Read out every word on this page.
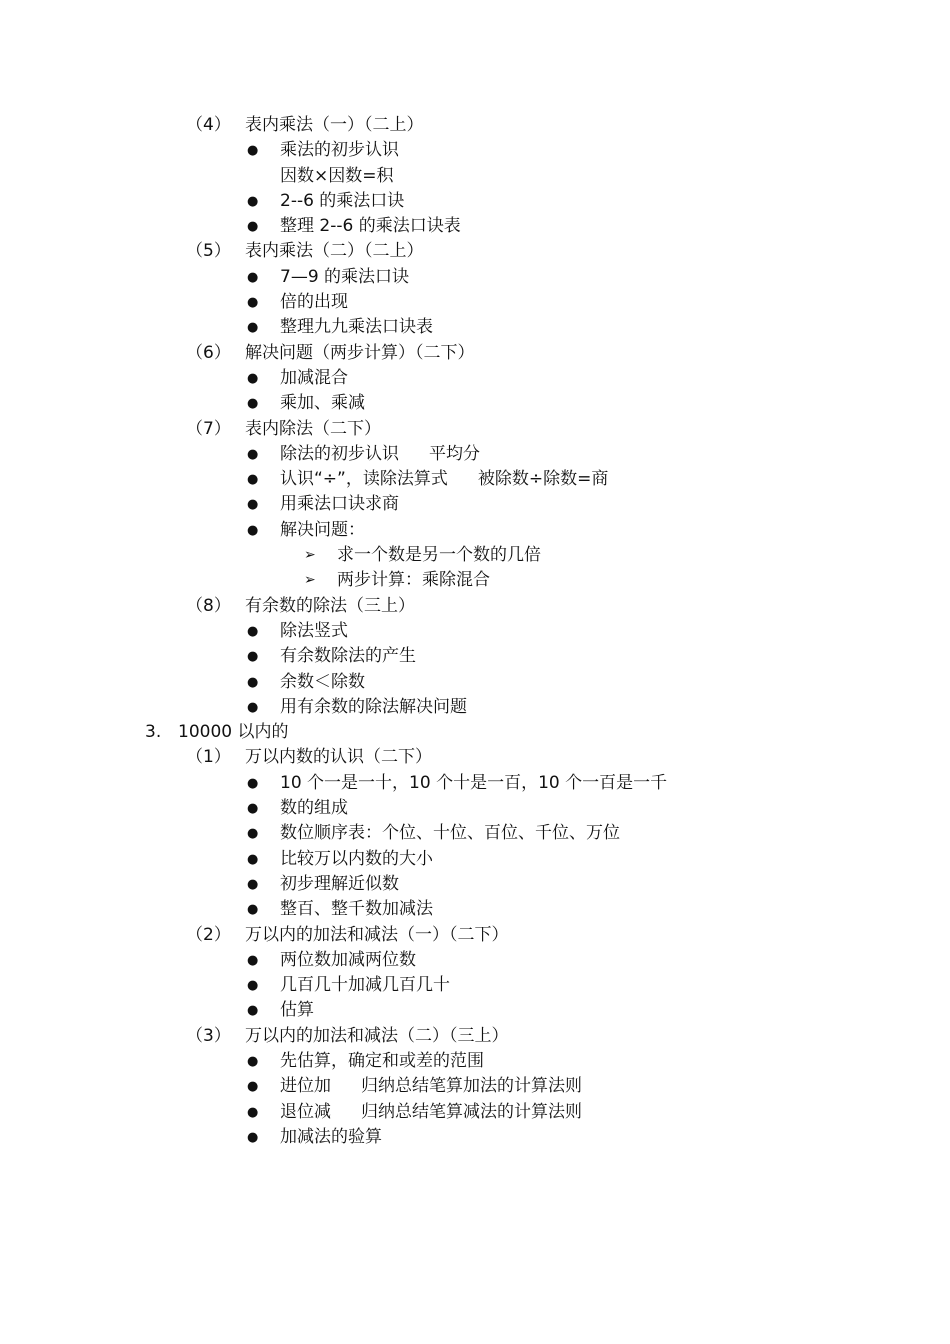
（4） 表内乘法（一）（二上）
● 乘法的初步认识
因数×因数=积
● 2--6 的乘法口诀
● 整理 2--6 的乘法口诀表
（5） 表内乘法（二）（二上）
● 7—9 的乘法口诀
● 倍的出现
● 整理九九乘法口诀表
（6） 解决问题（两步计算）（二下）
● 加减混合
● 乘加、乘减
（7） 表内除法（二下）
● 除法的初步认识 平均分
● 认识“÷”，读除法算式 被除数÷除数=商
● 用乘法口诀求商
● 解决问题：
➢ 求一个数是另一个数的几倍
➢ 两步计算：乘除混合
（8） 有余数的除法（三上）
● 除法竖式
● 有余数除法的产生
● 余数＜除数
● 用有余数的除法解决问题
3. 10000 以内的
（1） 万以内数的认识（二下）
● 10 个一是一十，10 个十是一百，10 个一百是一千
● 数的组成
● 数位顺序表：个位、十位、百位、千位、万位
● 比较万以内数的大小
● 初步理解近似数
● 整百、整千数加减法
（2） 万以内的加法和减法（一）（二下）
● 两位数加减两位数
● 几百几十加减几百几十
● 估算
（3） 万以内的加法和减法（二）（三上）
● 先估算，确定和或差的范围
● 进位加 归纳总结笔算加法的计算法则
● 退位减 归纳总结笔算减法的计算法则
● 加减法的验算
